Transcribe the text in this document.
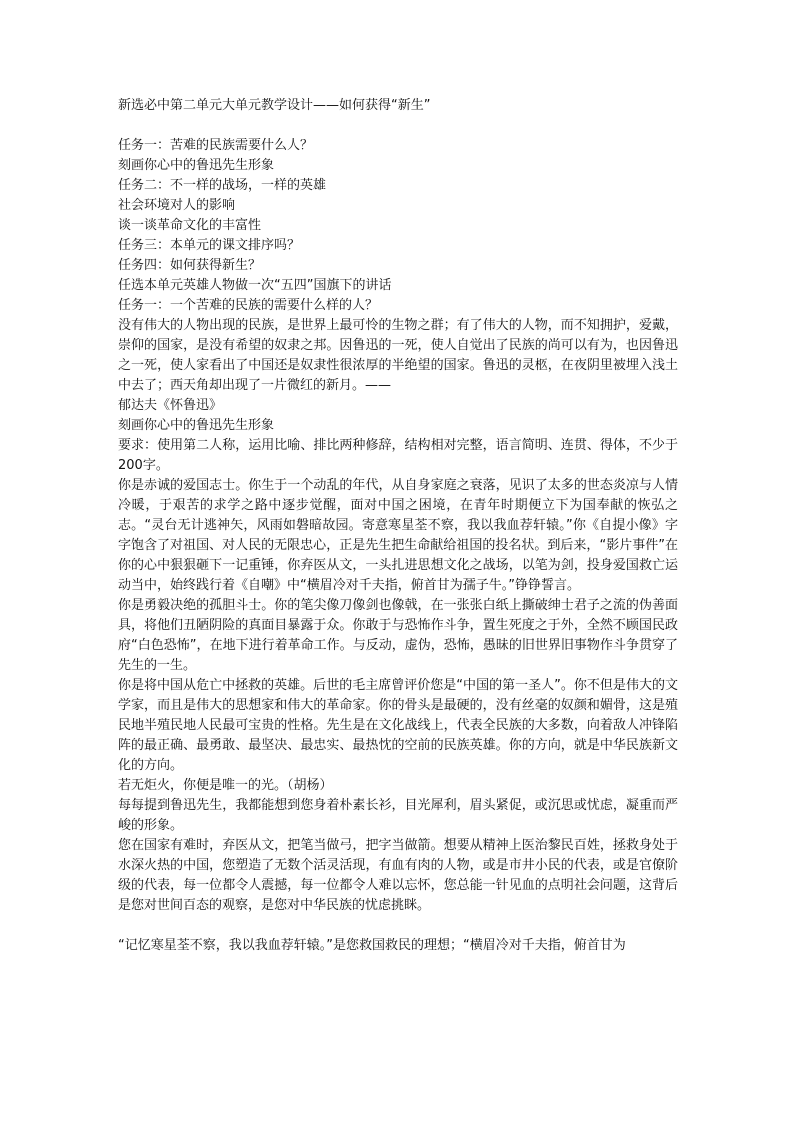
新选必中第二单元大单元教学设计——如何获得“新生”
任务一：苦难的民族需要什么人？
刻画你心中的鲁迅先生形象
任务二：不一样的战场，一样的英雄
社会环境对人的影响
谈一谈革命文化的丰富性
任务三：本单元的课文排序吗？
任务四：如何获得新生？
任选本单元英雄人物做一次“五四”国旗下的讲话
任务一：一个苦难的民族的需要什么样的人？
没有伟大的人物出现的民族，是世界上最可怜的生物之群；有了伟大的人物，而不知拥护，爱戴，崇仰的国家，是没有希望的奴隶之邦。因鲁迅的一死，使人自觉出了民族的尚可以有为，也因鲁迅之一死，使人家看出了中国还是奴隶性很浓厚的半绝望的国家。鲁迅的灵柩，在夜阴里被埋入浅土中去了；西天角却出现了一片微红的新月。——
郁达夫《怀鲁迅》
刻画你心中的鲁迅先生形象
要求：使用第二人称，运用比喻、排比两种修辞，结构相对完整，语言简明、连贯、得体，不少于200字。
你是赤诚的爱国志士。你生于一个动乱的年代，从自身家庭之衰落，见识了太多的世态炎凉与人情冷暖，于艰苦的求学之路中逐步觉醒，面对中国之困境，在青年时期便立下为国奉献的恢弘之志。“灵台无计逃神矢，风雨如磐暗故园。寄意寒星荃不察，我以我血荐轩辕。”你《自提小像》字字饱含了对祖国、对人民的无限忠心，正是先生把生命献给祖国的投名状。到后来，“影片事件”在你的心中狠狠砸下一记重锤，你弃医从文，一头扎进思想文化之战场，以笔为剑，投身爱国救亡运动当中，始终践行着《自嘲》中“横眉冷对千夫指，俯首甘为孺子牛。”铮铮誓言。
你是勇毅决绝的孤胆斗士。你的笔尖像刀像剑也像戟，在一张张白纸上撕破绅士君子之流的伪善面具，将他们丑陋阴险的真面目暴露于众。你敢于与恐怖作斗争，置生死度之于外，全然不顾国民政府“白色恐怖”，在地下进行着革命工作。与反动，虚伪，恐怖，愚昧的旧世界旧事物作斗争贯穿了先生的一生。
你是将中国从危亡中拯救的英雄。后世的毛主席曾评价您是“中国的第一圣人”。你不但是伟大的文学家，而且是伟大的思想家和伟大的革命家。你的骨头是最硬的，没有丝毫的奴颜和媚骨，这是殖民地半殖民地人民最可宝贵的性格。先生是在文化战线上，代表全民族的大多数，向着敌人冲锋陷阵的最正确、最勇敢、最坚决、最忠实、最热忱的空前的民族英雄。你的方向，就是中华民族新文化的方向。
若无炬火，你便是唯一的光。（胡杨）
每每提到鲁迅先生，我都能想到您身着朴素长衫，目光犀利，眉头紧促，或沉思或忧虑，凝重而严峻的形象。
您在国家有难时，弃医从文，把笔当做弓，把字当做箭。想要从精神上医治黎民百姓，拯救身处于水深火热的中国，您塑造了无数个活灵活现，有血有肉的人物，或是市井小民的代表，或是官僚阶级的代表，每一位都令人震撼，每一位都令人难以忘怀，您总能一针见血的点明社会问题，这背后是您对世间百态的观察，是您对中华民族的忧虑挑眯。
“记忆寒星荃不察，我以我血荐轩辕。”是您救国救民的理想；“横眉冷对千夫指，俯首甘为
